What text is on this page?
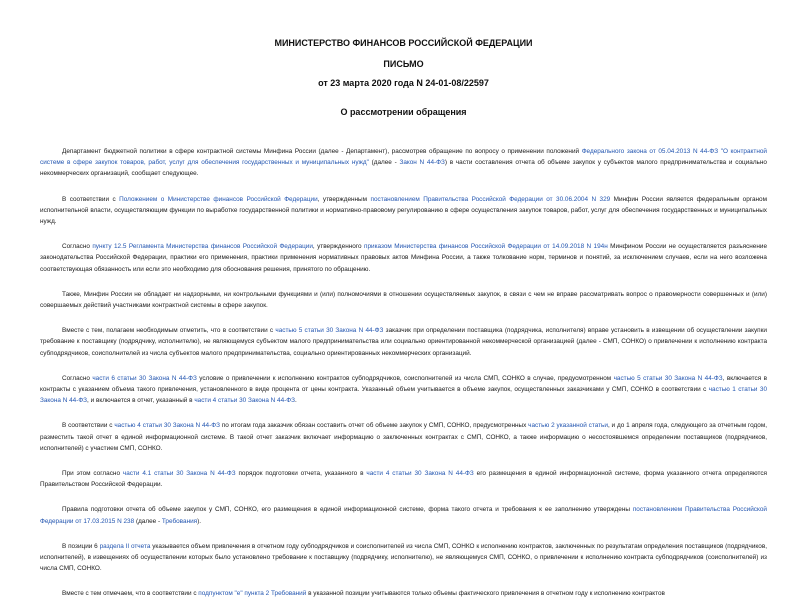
МИНИСТЕРСТВО ФИНАНСОВ РОССИЙСКОЙ ФЕДЕРАЦИИ
ПИСЬМО
от 23 марта 2020 года N 24-01-08/22597
О рассмотрении обращения

Департамент бюджетной политики в сфере контрактной системы Минфина России (далее - Департамент), рассмотрев обращение по вопросу о применении положений Федерального закона от 05.04.2013 N 44-ФЗ "О контрактной системе в сфере закупок товаров, работ, услуг для обеспечения государственных и муниципальных нужд" (далее - Закон N 44-ФЗ) в части составления отчета об объеме закупок у субъектов малого предпринимательства и социально некоммерческих организаций, сообщает следующее.

В соответствии с Положением о Министерстве финансов Российской Федерации, утвержденным постановлением Правительства Российской Федерации от 30.06.2004 N 329 Минфин России является федеральным органом исполнительной власти, осуществляющим функции по выработке государственной политики и нормативно-правовому регулированию в сфере осуществления закупок товаров, работ, услуг для обеспечения государственных и муниципальных нужд.

Согласно пункту 12.5 Регламента Министерства финансов Российской Федерации, утвержденного приказом Министерства финансов Российской Федерации от 14.09.2018 N 194н Минфином России не осуществляется разъяснение законодательства Российской Федерации, практики его применения, практики применения нормативных правовых актов Минфина России, а также толкование норм, терминов и понятий, за исключением случаев, если на него возложена соответствующая обязанность или если это необходимо для обоснования решения, принятого по обращению.

Также, Минфин России не обладает ни надзорными, ни контрольными функциями и (или) полномочиями в отношении осуществляемых закупок, в связи с чем не вправе рассматривать вопрос о правомерности совершенных и (или) совершаемых действий участниками контрактной системы в сфере закупок.

Вместе с тем, полагаем необходимым отметить, что в соответствии с частью 5 статьи 30 Закона N 44-ФЗ заказчик при определении поставщика (подрядчика, исполнителя) вправе установить в извещении об осуществлении закупки требование к поставщику (подрядчику, исполнителю), не являющемуся субъектом малого предпринимательства или социально ориентированной некоммерческой организацией (далее - СМП, СОНКО) о привлечении к исполнению контракта субподрядчиков, соисполнителей из числа субъектов малого предпринимательства, социально ориентированных некоммерческих организаций.

Согласно части 6 статьи 30 Закона N 44-ФЗ условие о привлечении к исполнению контрактов субподрядчиков, соисполнителей из числа СМП, СОНКО в случае, предусмотренном частью 5 статьи 30 Закона N 44-ФЗ, включается в контракты с указанием объема такого привлечения, установленного в виде процента от цены контракта. Указанный объем учитывается в объеме закупок, осуществленных заказчиками у СМП, СОНКО в соответствии с частью 1 статьи 30 Закона N 44-ФЗ, и включается в отчет, указанный в части 4 статьи 30 Закона N 44-ФЗ.

В соответствии с частью 4 статьи 30 Закона N 44-ФЗ по итогам года заказчик обязан составить отчет об объеме закупок у СМП, СОНКО, предусмотренных частью 2 указанной статьи, и до 1 апреля года, следующего за отчетным годом, разместить такой отчет в единой информационной системе. В такой отчет заказчик включает информацию о заключенных контрактах с СМП, СОНКО, а также информацию о несостоявшемся определении поставщиков (подрядчиков, исполнителей) с участием СМП, СОНКО.

При этом согласно части 4.1 статьи 30 Закона N 44-ФЗ порядок подготовки отчета, указанного в части 4 статьи 30 Закона N 44-ФЗ его размещения в единой информационной системе, форма указанного отчета определяются Правительством Российской Федерации.

Правила подготовки отчета об объеме закупок у СМП, СОНКО, его размещения в единой информационной системе, форма такого отчета и требования к ее заполнению утверждены постановлением Правительства Российской Федерации от 17.03.2015 N 238 (далее - Требования).

В позиции 6 раздела II отчета указывается объем привлечения в отчетном году субподрядчиков и соисполнителей из числа СМП, СОНКО к исполнению контрактов, заключенных по результатам определения поставщиков (подрядчиков, исполнителей), в извещениях об осуществлении которых было установлено требование к поставщику (подрядчику, исполнителю), не являющемуся СМП, СОНКО, о привлечении к исполнению контракта субподрядчиков (соисполнителей) из числа СМП, СОНКО.

Вместе с тем отмечаем, что в соответствии с подпунктом "е" пункта 2 Требований в указанной позиции учитываются только объемы фактического привлечения в отчетном году к исполнению контрактов
